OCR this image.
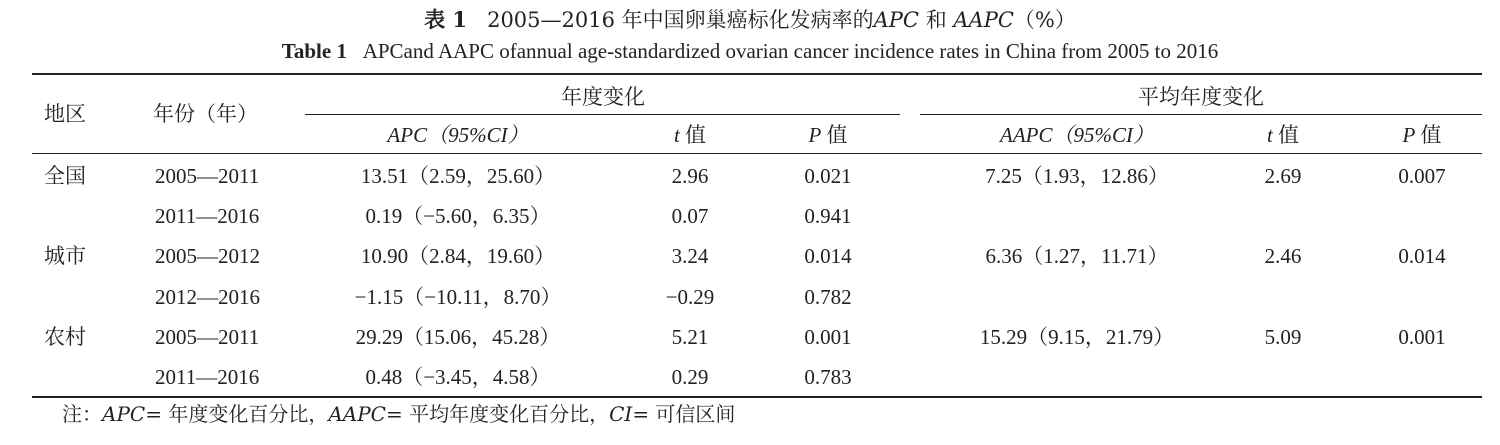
表 1 2005—2016 年中国卵巢癌标化发病率的APC 和 AAPC（%）
Table 1 APCand AAPC ofannual age-standardized ovarian cancer incidence rates in China from 2005 to 2016
地区	年份（年）
年度变化	平均年度变化
APC（95%CI）	t 值	P 值	AAPC（95%CI）	t 值	P 值
全国	2005—2011	13.51（2.59，25.60）	2.96	0.021	7.25（1.93，12.86）	2.69	0.007
2011—2016	0.19（−5.60，6.35）	0.07	0.941
城市	2005—2012	10.90（2.84，19.60）	3.24	0.014	6.36（1.27，11.71）	2.46	0.014
2012—2016	−1.15（−10.11，8.70）	−0.29	0.782
农村	2005—2011	29.29（15.06，45.28）	5.21	0.001	15.29（9.15，21.79）	5.09	0.001
2011—2016	0.48（−3.45，4.58）	0.29	0.783
注：APC= 年度变化百分比，AAPC= 平均年度变化百分比，CI= 可信区间
